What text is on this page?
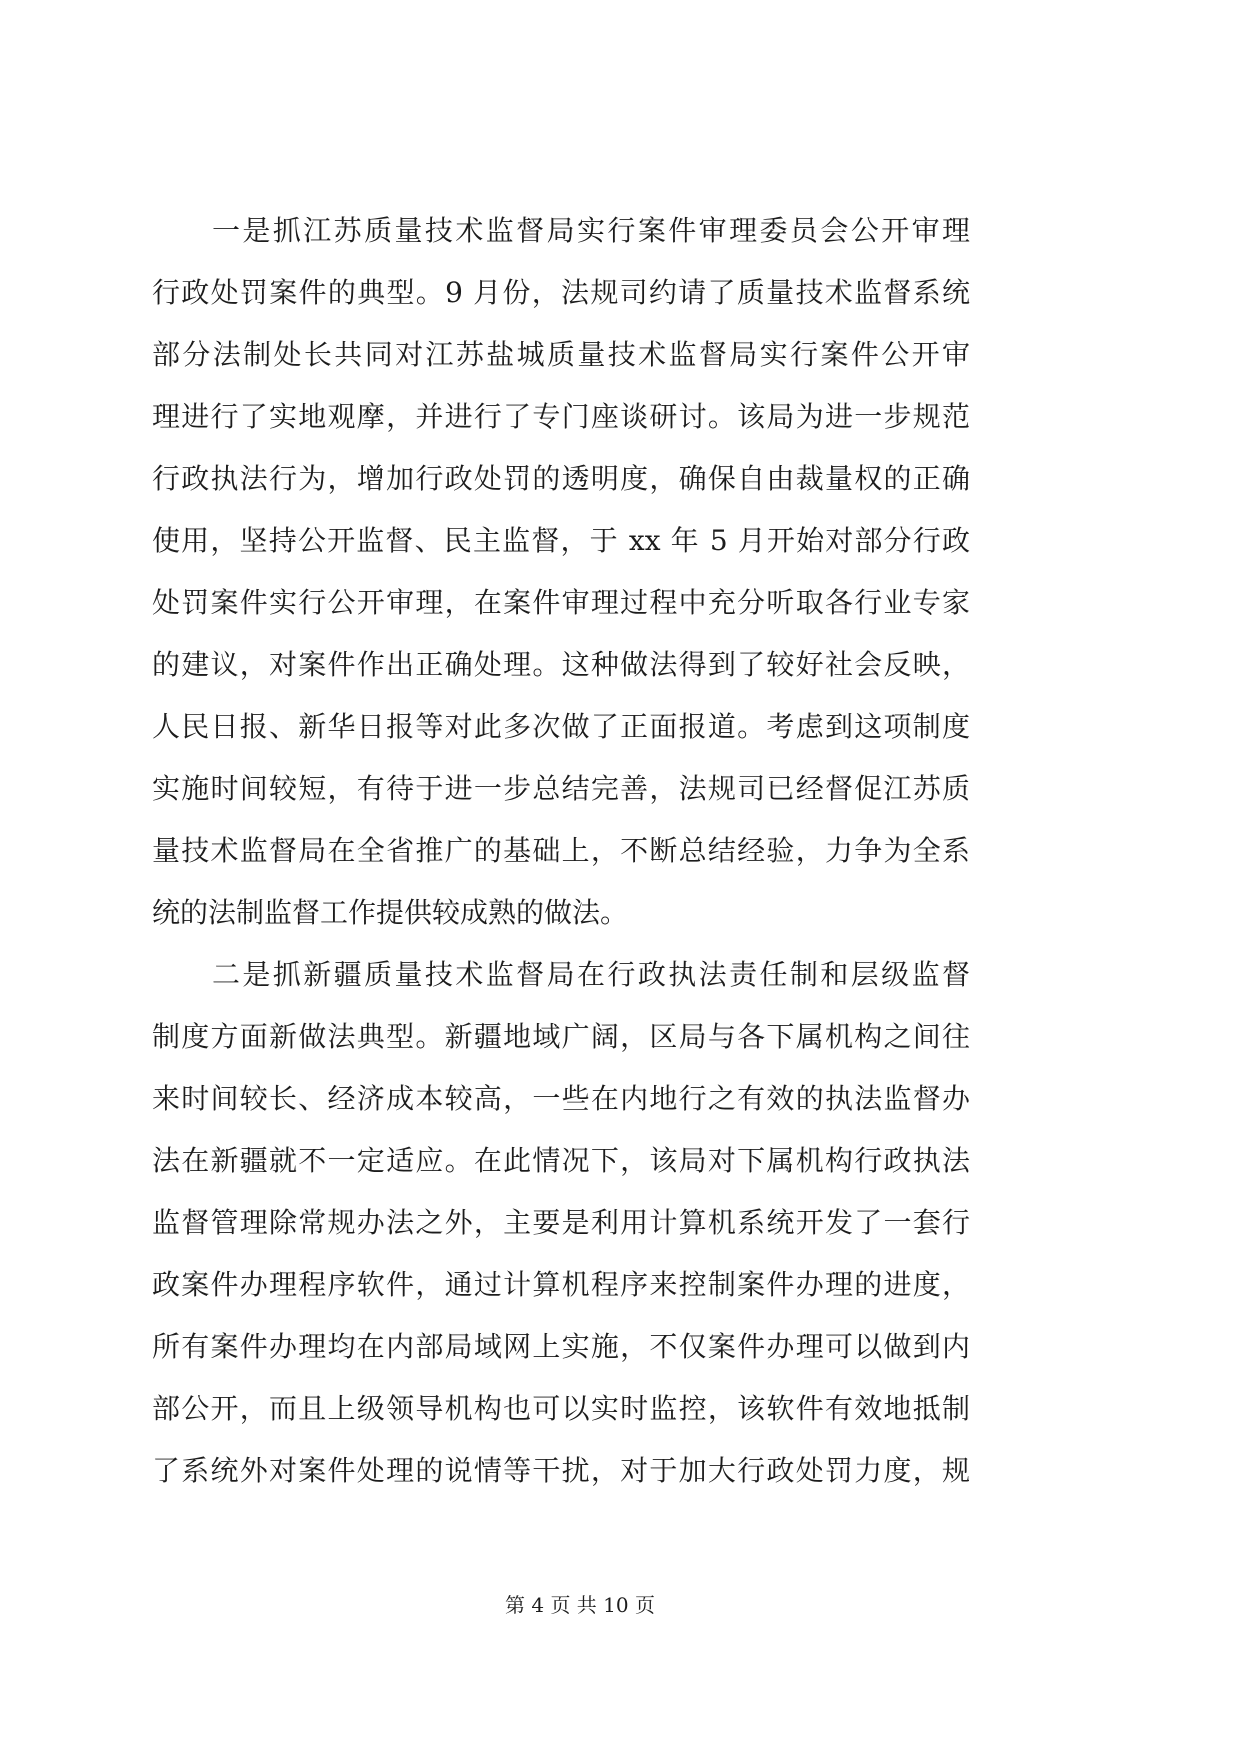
一是抓江苏质量技术监督局实行案件审理委员会公开审理
行政处罚案件的典型。9 月份，法规司约请了质量技术监督系统
部分法制处长共同对江苏盐城质量技术监督局实行案件公开审
理进行了实地观摩，并进行了专门座谈研讨。该局为进一步规范
行政执法行为，增加行政处罚的透明度，确保自由裁量权的正确
使用，坚持公开监督、民主监督，于 xx 年 5 月开始对部分行政
处罚案件实行公开审理，在案件审理过程中充分听取各行业专家
的建议，对案件作出正确处理。这种做法得到了较好社会反映，
人民日报、新华日报等对此多次做了正面报道。考虑到这项制度
实施时间较短，有待于进一步总结完善，法规司已经督促江苏质
量技术监督局在全省推广的基础上，不断总结经验，力争为全系
统的法制监督工作提供较成熟的做法。
二是抓新疆质量技术监督局在行政执法责任制和层级监督
制度方面新做法典型。新疆地域广阔，区局与各下属机构之间往
来时间较长、经济成本较高，一些在内地行之有效的执法监督办
法在新疆就不一定适应。在此情况下，该局对下属机构行政执法
监督管理除常规办法之外，主要是利用计算机系统开发了一套行
政案件办理程序软件，通过计算机程序来控制案件办理的进度，
所有案件办理均在内部局域网上实施，不仅案件办理可以做到内
部公开，而且上级领导机构也可以实时监控，该软件有效地抵制
了系统外对案件处理的说情等干扰，对于加大行政处罚力度，规
第 4 页 共 10 页
